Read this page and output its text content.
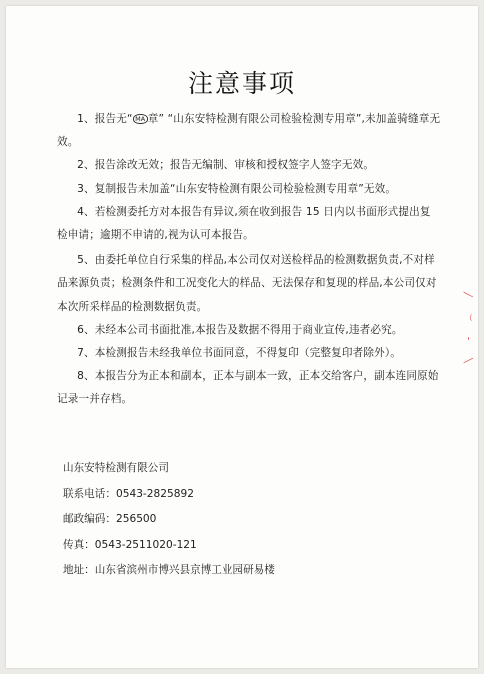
注意事项

1、报告无“ MA 章” “山东安特检测有限公司检验检测专用章”,未加盖骑缝章无效。

2、报告涂改无效；报告无编制、审核和授权签字人签字无效。

3、复制报告未加盖“山东安特检测有限公司检验检测专用章”无效。

4、若检测委托方对本报告有异议,须在收到报告 15 日内以书面形式提出复检申请；逾期不申请的,视为认可本报告。

5、由委托单位自行采集的样品,本公司仅对送检样品的检测数据负责,不对样品来源负责；检测条件和工况变化大的样品、无法保存和复现的样品,本公司仅对本次所采样品的检测数据负责。

6、未经本公司书面批准,本报告及数据不得用于商业宣传,违者必究。

7、本检测报告未经我单位书面同意，不得复印（完整复印者除外）。

8、本报告分为正本和副本，正本与副本一致，正本交给客户，副本连同原始记录一并存档。

山东安特检测有限公司

联系电话：0543-2825892

邮政编码：256500

传真：0543-2511020-121

地址：山东省滨州市博兴县京博工业园研易楼

╱
︶
⁃
╲
